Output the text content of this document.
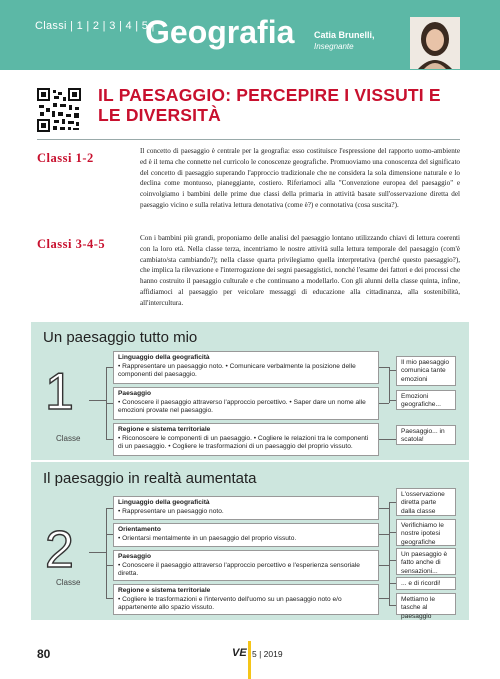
Classi | 1 | 2 | 3 | 4 | 5 |
Geografia Catia Brunelli,
Insegnante
IL PAESAGGIO: PERCEPIRE I VISSUTI E LE DIVERSITÀ
Classi 1-2	Il concetto di paesaggio è centrale per la geografia: esso costituisce l'espressione del rapporto uomo-ambiente ed è il tema che connette nel curricolo le conoscenze geografiche. Promuoviamo una conoscenza del significato del concetto di paesaggio superando l'approccio tradizionale che ne considera la sola dimensione naturale e lo declina come montuoso, pianeggiante, costiero. Riferiamoci alla "Convenzione europea del paesaggio" e coinvolgiamo i bambini delle prime due classi della primaria in attività basate sull'osservazione diretta del paesaggio vicino e sulla relativa lettura denotativa (come è?) e connotativa (cosa suscita?).
Classi 3-4-5	Con i bambini più grandi, proponiamo delle analisi del paesaggio lontano utilizzando chiavi di lettura coerenti con la loro età. Nella classe terza, incentriamo le nostre attività sulla lettura temporale del paesaggio (com'è cambiato/sta cambiando?); nella classe quarta privilegiamo quella interpretativa (perché questo paesaggio?), che implica la rilevazione e l'interrogazione dei segni paesaggistici, nonché l'esame dei fattori e dei processi che hanno costruito il paesaggio culturale e che continuano a modellarlo. Con gli alunni della classe quinta, infine, affidiamoci al paesaggio per veicolare messaggi di educazione alla cittadinanza, alla sostenibilità, all'intercultura.
Un paesaggio tutto mio
1
Classe
Linguaggio della geograficità
• Rappresentare un paesaggio noto. • Comunicare verbalmente la posizione delle componenti del paesaggio.
Paesaggio
• Conoscere il paesaggio attraverso l'approccio percettivo. • Saper dare un nome alle emozioni provate nel paesaggio.
Regione e sistema territoriale
• Riconoscere le componenti di un paesaggio. • Cogliere le relazioni tra le componenti di un paesaggio. • Cogliere le trasformazioni di un paesaggio del proprio vissuto.
Il mio paesaggio comunica tante emozioni
Emozioni geografiche...
Paesaggio... in scatola!
Il paesaggio in realtà aumentata
2
Classe
Linguaggio della geograficità
• Rappresentare un paesaggio noto.
Orientamento
• Orientarsi mentalmente in un paesaggio del proprio vissuto.
Paesaggio
• Conoscere il paesaggio attraverso l'approccio percettivo e l'esperienza sensoriale diretta.
Regione e sistema territoriale
• Cogliere le trasformazioni e l'intervento dell'uomo su un paesaggio noto e/o appartenente allo spazio vissuto.
L'osservazione diretta parte dalla classe
Verifichiamo le nostre ipotesi geografiche
Un paesaggio è fatto anche di sensazioni...
... e di ricordi!
Mettiamo le tasche al paesaggio
80	VE 5 | 2019
